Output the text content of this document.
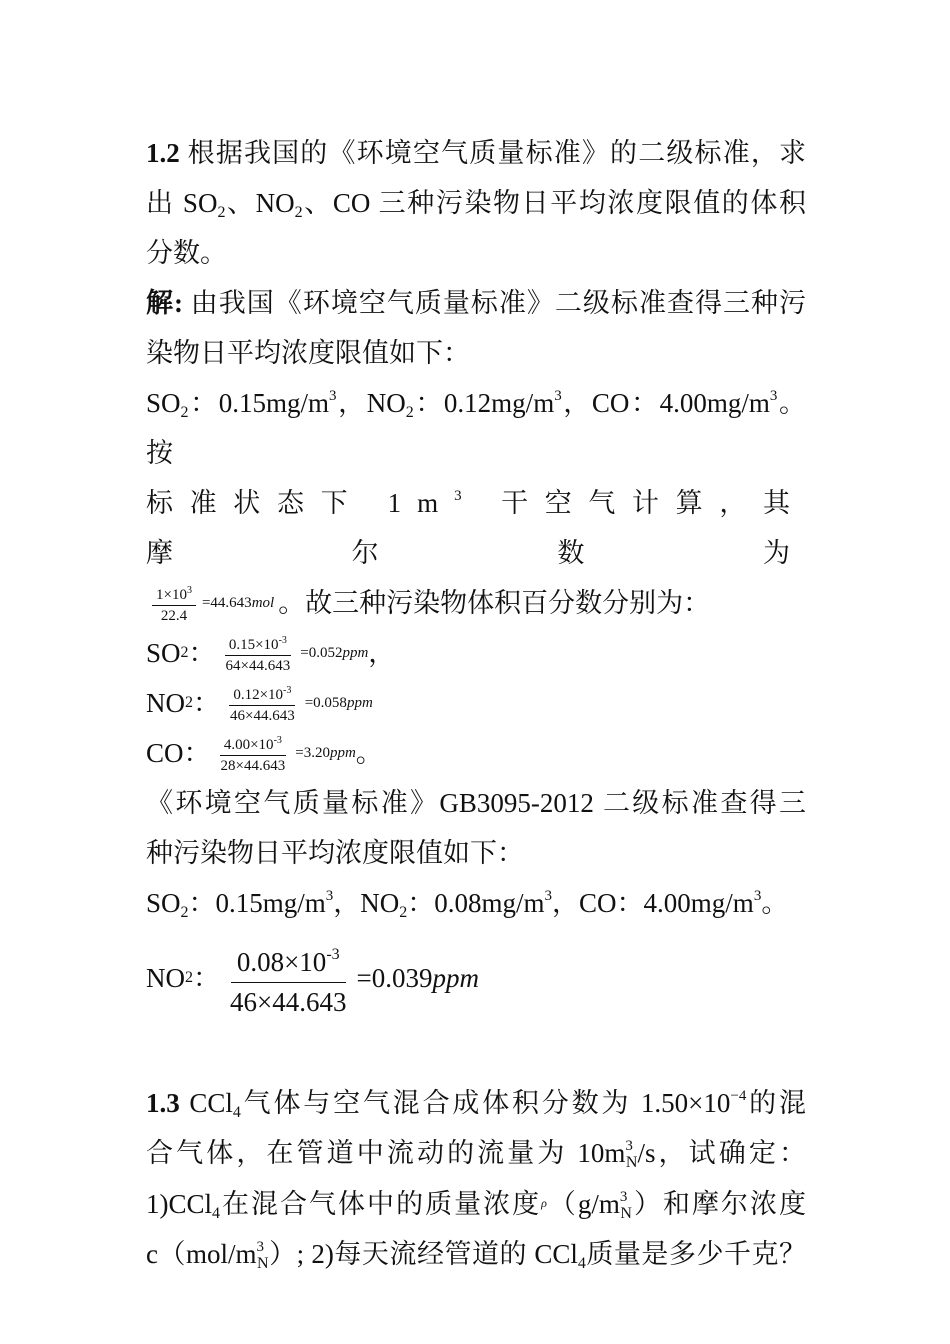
1.2 根据我国的《环境空气质量标准》的二级标准，求

出 $SO_2$、$NO_2$、CO 三种污染物日平均浓度限值的体积

分数。

解: 由我国《环境空气质量标准》二级标准查得三种污

染物日平均浓度限值如下：

$SO_2$：$0.15mg/m^3$，$NO_2$：$0.12mg/m^3$，CO：$4.00mg/m^3$。按

标准状态下 $1m^3$ 干空气计算，其摩尔数为

$\frac{1\times 10^3}{22.4} =44.643$ mol 。故三种污染物体积百分数分别为：
SO 2 ： $\frac{0.15\times 10^{-3}}{64\times 44.643} =0.052$ ppm ，
NO 2 ： $\frac{0.12\times 10^{-3}}{46\times 44.643} =0.058$ ppm
CO： $\frac{4.00\times 10^{-3}}{28\times 44.643} =3.20$ ppm 。

《环境空气质量标准》GB3095-2012 二级标准查得三

种污染物日平均浓度限值如下：

$SO_2$：$0.15mg/m^3$，$NO_2$：$0.08mg/m^3$，CO：$4.00mg/m^3$。

NO 2 ： $\frac{0.08\times 10^{-3}}{46\times 44.643} =0.039$ ppm

1.3 CCl$_4$气体与空气混合成体积分数为 $1.50\times 10^{-4}$的混

合气体，在管道中流动的流量为 $10m^3_N/s$，试确定：

1)CCl$_4$在混合气体中的质量浓度$^\rho(g/m^3_N)$和摩尔浓度

$c(mol/m^3_N)$; 2)每天流经管道的 CCl$_4$质量是多少千克？
